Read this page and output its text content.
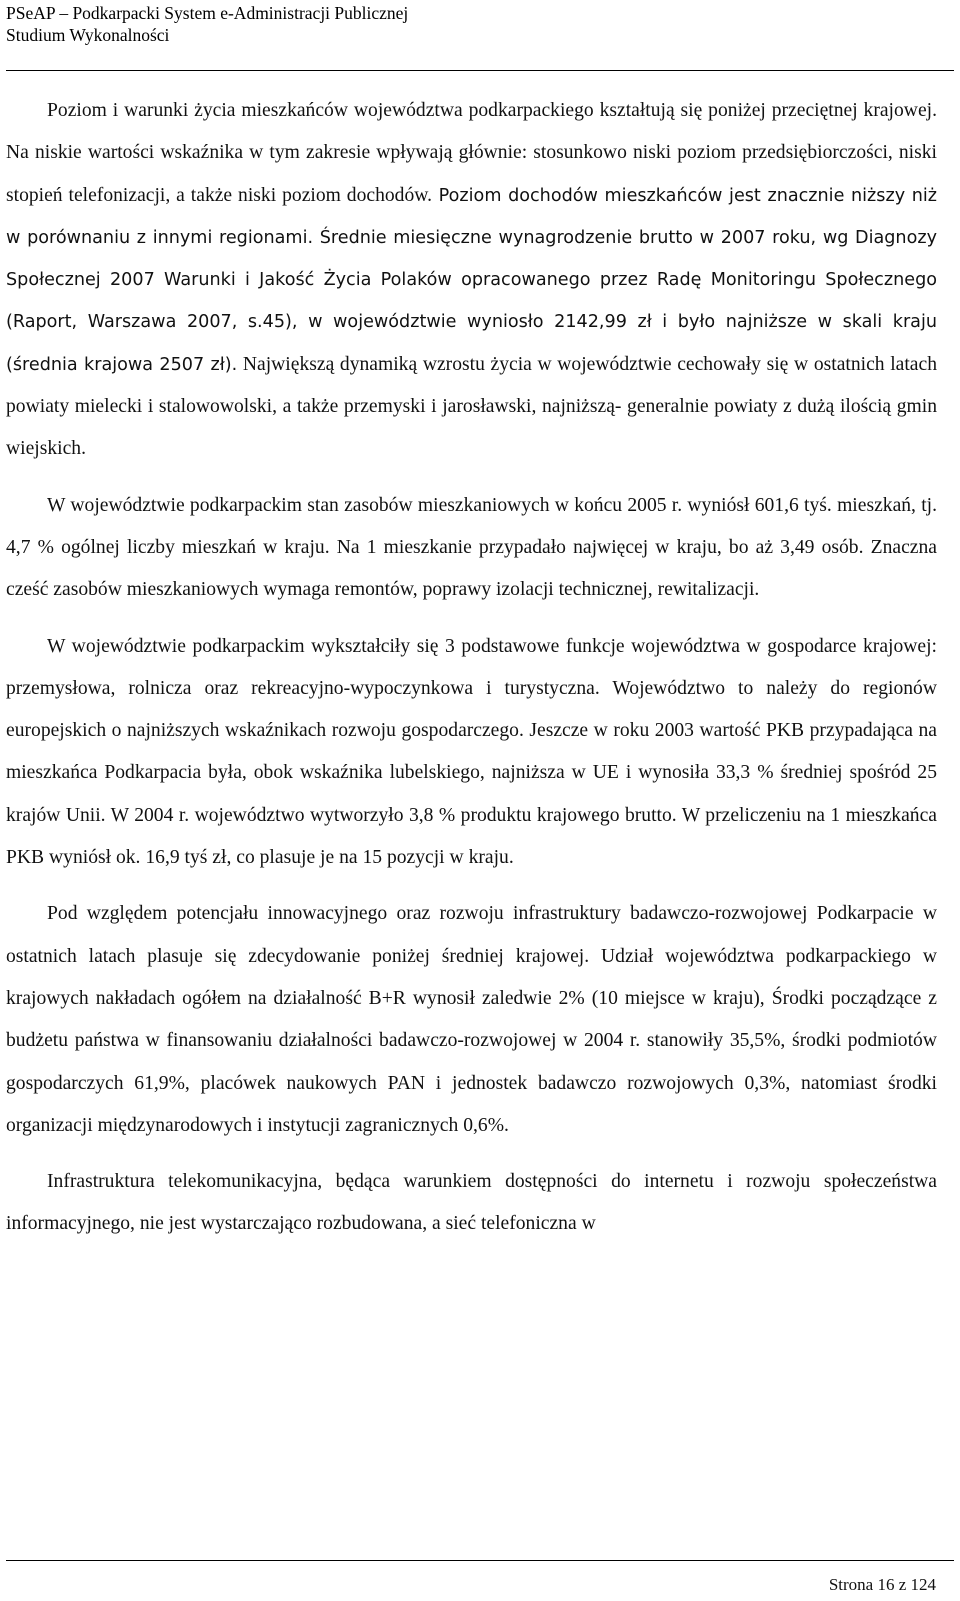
PSeAP – Podkarpacki System e-Administracji Publicznej
Studium Wykonalności

Poziom i warunki życia mieszkańców województwa podkarpackiego kształtują się poniżej przeciętnej krajowej. Na niskie wartości wskaźnika w tym zakresie wpływają głównie: stosunkowo niski poziom przedsiębiorczości, niski stopień telefonizacji, a także niski poziom dochodów. Poziom dochodów mieszkańców jest znacznie niższy niż w porównaniu z innymi regionami. Średnie miesięczne wynagrodzenie brutto w 2007 roku, wg Diagnozy Społecznej 2007 Warunki i Jakość Życia Polaków opracowanego przez Radę Monitoringu Społecznego (Raport, Warszawa 2007, s.45), w województwie wyniosło 2142,99 zł i było najniższe w skali kraju (średnia krajowa 2507 zł). Największą dynamiką wzrostu życia w województwie cechowały się w ostatnich latach powiaty mielecki i stalowowolski, a także przemyski i jarosławski, najniższą- generalnie powiaty z dużą ilością gmin wiejskich.

W województwie podkarpackim stan zasobów mieszkaniowych w końcu 2005 r. wyniósł 601,6 tyś. mieszkań, tj. 4,7 % ogólnej liczby mieszkań w kraju. Na 1 mieszkanie przypadało najwięcej w kraju, bo aż 3,49 osób. Znaczna cześć zasobów mieszkaniowych wymaga remontów, poprawy izolacji technicznej, rewitalizacji.

W województwie podkarpackim wykształciły się 3 podstawowe funkcje województwa w gospodarce krajowej: przemysłowa, rolnicza oraz rekreacyjno-wypoczynkowa i turystyczna. Województwo to należy do regionów europejskich o najniższych wskaźnikach rozwoju gospodarczego. Jeszcze w roku 2003 wartość PKB przypadająca na mieszkańca Podkarpacia była, obok wskaźnika lubelskiego, najniższa w UE i wynosiła 33,3 % średniej spośród 25 krajów Unii. W 2004 r. województwo wytworzyło 3,8 % produktu krajowego brutto. W przeliczeniu na 1 mieszkańca PKB wyniósł ok. 16,9 tyś zł, co plasuje je na 15 pozycji w kraju.

Pod względem potencjału innowacyjnego oraz rozwoju infrastruktury badawczo-rozwojowej Podkarpacie w ostatnich latach plasuje się zdecydowanie poniżej średniej krajowej. Udział województwa podkarpackiego w krajowych nakładach ogółem na działalność B+R wynosił zaledwie 2% (10 miejsce w kraju), Środki począdzące z budżetu państwa w finansowaniu działalności badawczo-rozwojowej w 2004 r. stanowiły 35,5%, środki podmiotów gospodarczych 61,9%, placówek naukowych PAN i jednostek badawczo rozwojowych 0,3%, natomiast środki organizacji międzynarodowych i instytucji zagranicznych 0,6%.

Infrastruktura telekomunikacyjna, będąca warunkiem dostępności do internetu i rozwoju społeczeństwa informacyjnego, nie jest wystarczająco rozbudowana, a sieć telefoniczna w

Strona 16 z 124
